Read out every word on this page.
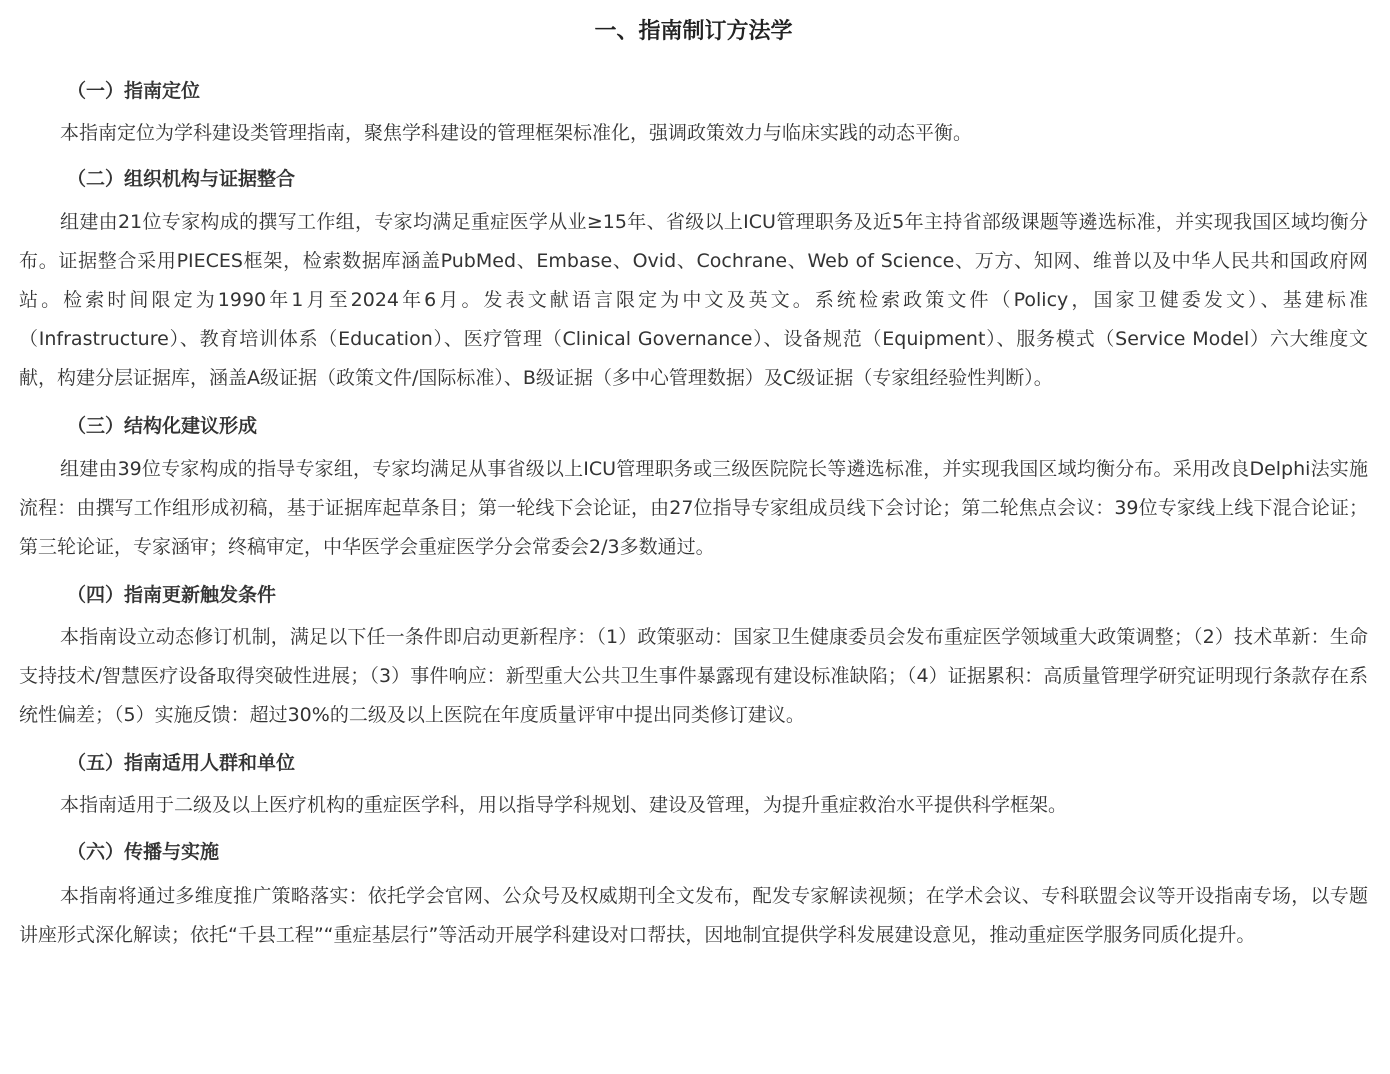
一、指南制订方法学
（一）指南定位

本指南定位为学科建设类管理指南，聚焦学科建设的管理框架标准化，强调政策效力与临床实践的动态平衡。

（二）组织机构与证据整合

组建由21位专家构成的撰写工作组，专家均满足重症医学从业≥15年、省级以上ICU管理职务及近5年主持省部级课题等遴选标准，并实现我国区域均衡分布。证据整合采用PIECES框架，检索数据库涵盖PubMed、Embase、Ovid、Cochrane、Web of Science、万方、知网、维普以及中华人民共和国政府网站。检索时间限定为1990年1月至2024年6月。发表文献语言限定为中文及英文。系统检索政策文件（Policy，国家卫健委发文）、基建标准（Infrastructure）、教育培训体系（Education）、医疗管理（Clinical Governance）、设备规范（Equipment）、服务模式（Service Model）六大维度文献，构建分层证据库，涵盖A级证据（政策文件/国际标准）、B级证据（多中心管理数据）及C级证据（专家组经验性判断）。

（三）结构化建议形成

组建由39位专家构成的指导专家组，专家均满足从事省级以上ICU管理职务或三级医院院长等遴选标准，并实现我国区域均衡分布。采用改良Delphi法实施流程：由撰写工作组形成初稿，基于证据库起草条目；第一轮线下会论证，由27位指导专家组成员线下会讨论；第二轮焦点会议：39位专家线上线下混合论证；第三轮论证，专家涵审；终稿审定，中华医学会重症医学分会常委会2/3多数通过。

（四）指南更新触发条件

本指南设立动态修订机制，满足以下任一条件即启动更新程序：（1）政策驱动：国家卫生健康委员会发布重症医学领域重大政策调整；（2）技术革新：生命支持技术/智慧医疗设备取得突破性进展；（3）事件响应：新型重大公共卫生事件暴露现有建设标准缺陷；（4）证据累积：高质量管理学研究证明现行条款存在系统性偏差；（5）实施反馈：超过30%的二级及以上医院在年度质量评审中提出同类修订建议。

（五）指南适用人群和单位

本指南适用于二级及以上医疗机构的重症医学科，用以指导学科规划、建设及管理，为提升重症救治水平提供科学框架。

（六）传播与实施

本指南将通过多维度推广策略落实：依托学会官网、公众号及权威期刊全文发布，配发专家解读视频；在学术会议、专科联盟会议等开设指南专场，以专题讲座形式深化解读；依托“千县工程”“重症基层行”等活动开展学科建设对口帮扶，因地制宜提供学科发展建设意见，推动重症医学服务同质化提升。
